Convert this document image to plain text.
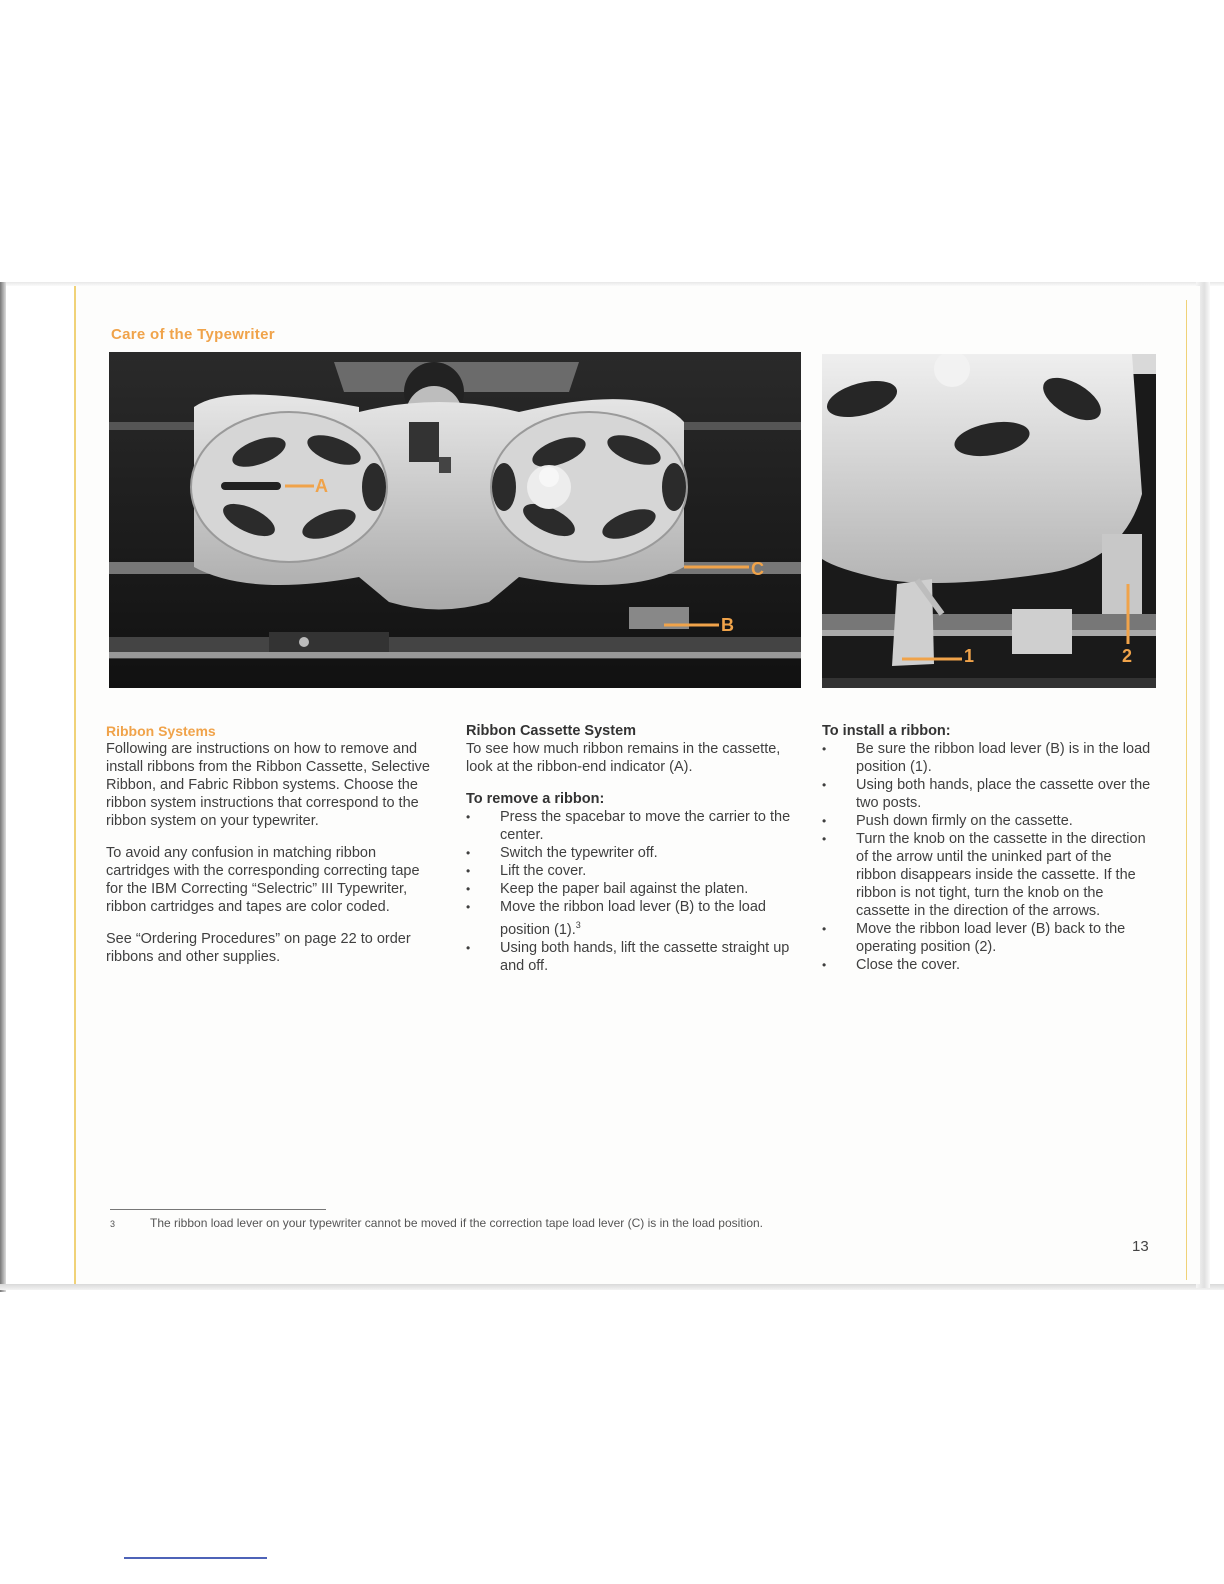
Care of the Typewriter
A
B
C
1	2
Ribbon Systems

Following are instructions on how to remove and install ribbons from the Ribbon Cassette, Selective Ribbon, and Fabric Ribbon systems. Choose the ribbon system instructions that correspond to the ribbon system on your typewriter.

To avoid any confusion in matching ribbon cartridges with the corresponding correcting tape for the IBM Correcting “Selectric” III Typewriter, ribbon cartridges and tapes are color coded.

See “Ordering Procedures” on page 22 to order ribbons and other supplies.

Ribbon Cassette System

To see how much ribbon remains in the cassette, look at the ribbon-end indicator (A).

To remove a ribbon:
• Press the spacebar to move the carrier to the center.
• Switch the typewriter off.
• Lift the cover.
• Keep the paper bail against the platen.
• Move the ribbon load lever (B) to the load position (1).$^3$
• Using both hands, lift the cassette straight up and off.
To install a ribbon:
• Be sure the ribbon load lever (B) is in the load position (1).
• Using both hands, place the cassette over the two posts.
• Push down firmly on the cassette.
• Turn the knob on the cassette in the direction of the arrow until the uninked part of the ribbon disappears inside the cassette. If the ribbon is not tight, turn the knob on the cassette in the direction of the arrows.
• Move the ribbon load lever (B) back to the operating position (2).
• Close the cover.
3	The ribbon load lever on your typewriter cannot be moved if the correction tape load lever (C) is in the load position.
13
